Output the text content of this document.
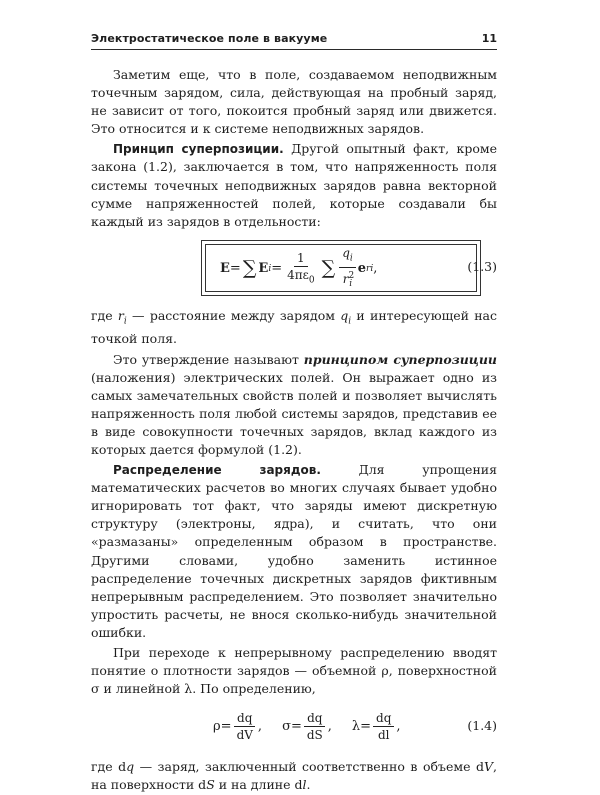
Электростатическое поле в вакууме	11

Заметим еще, что в поле, создаваемом неподвижным точечным зарядом, сила, действующая на пробный заряд, не зависит от того, покоится пробный заряд или движется. Это относится и к системе неподвижных зарядов.

Принцип суперпозиции. Другой опытный факт, кроме закона (1.2), заключается в том, что напряженность поля системы точечных неподвижных зарядов равна векторной сумме напряженностей полей, которые создавали бы каждый из зарядов в отдельности:

E = ∑ E $i = \frac{1}{4\pi\varepsilon_0}$ ∑ $\frac{q_i}{r^2_i}$ e ri ,	(1.3)

где $r_i$ — расстояние между зарядом $q_i$ и интересующей нас точкой поля.

Это утверждение называют принципом суперпозиции (наложения) электрических полей. Он выражает одно из самых замечательных свойств полей и позволяет вычислять напряженность поля любой системы зарядов, представив ее в виде совокупности точечных зарядов, вклад каждого из которых дается формулой (1.2).

Распределение зарядов. Для упрощения математических расчетов во многих случаях бывает удобно игнорировать тот факт, что заряды имеют дискретную структуру (электроны, ядра), и считать, что они «размазаны» определенным образом в пространстве. Другими словами, удобно заменить истинное распределение точечных дискретных зарядов фиктивным непрерывным распределением. Это позволяет значительно упростить расчеты, не внося сколько-нибудь значительной ошибки.

При переходе к непрерывному распределению вводят понятие о плотности зарядов — объемной ρ, поверхностной σ и линейной λ. По определению,

$\rho = \frac{dq}{dV}$ , $\sigma = \frac{dq}{dS}$ , $\lambda = \frac{dq}{dl}$ ,	(1.4)

где dq — заряд, заключенный соответственно в объеме dV, на поверхности dS и на длине dl.
